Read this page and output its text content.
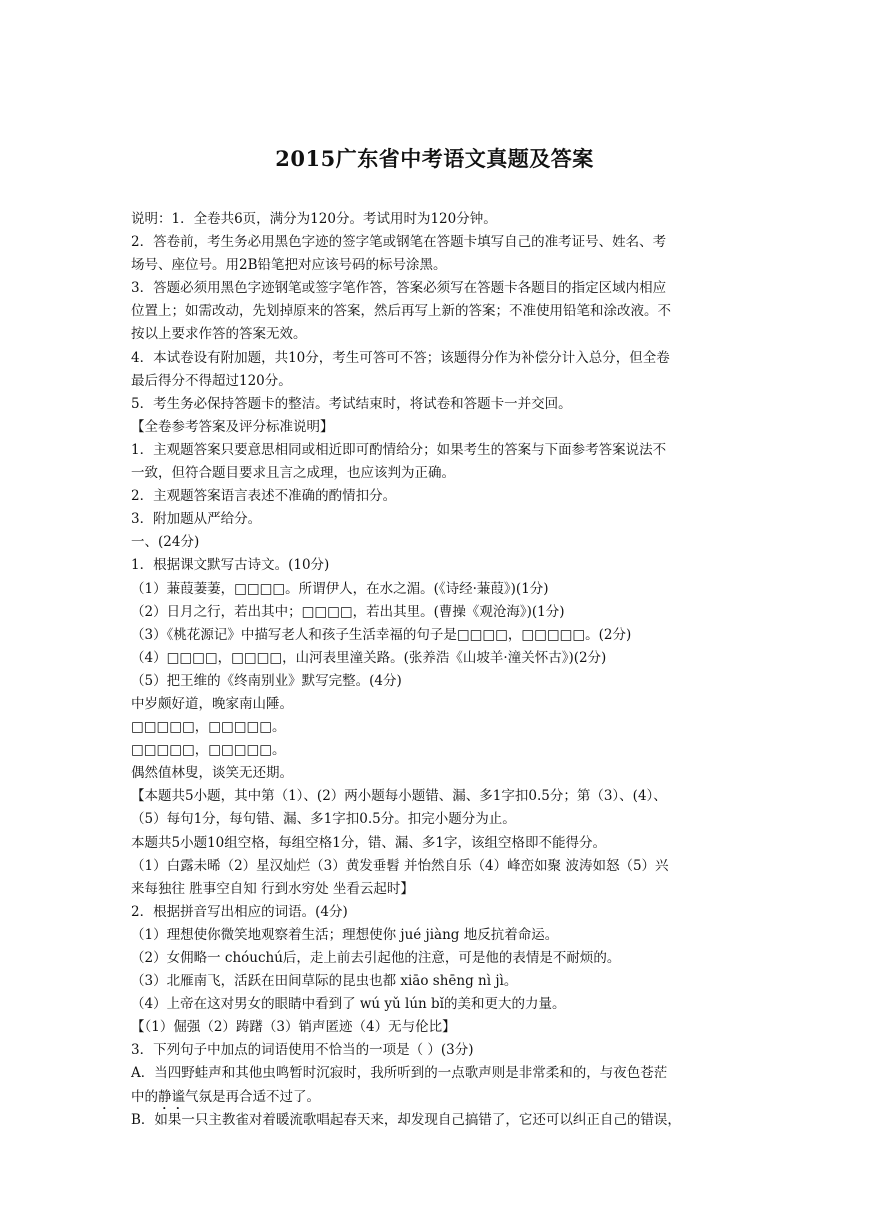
2015广东省中考语文真题及答案
说明：1．全卷共6页，满分为120分。考试用时为120分钟。
2．答卷前，考生务必用黑色字迹的签字笔或钢笔在答题卡填写自己的准考证号、姓名、考
场号、座位号。用2B铅笔把对应该号码的标号涂黑。
3．答题必须用黑色字迹钢笔或签字笔作答，答案必须写在答题卡各题目的指定区域内相应
位置上；如需改动，先划掉原来的答案，然后再写上新的答案；不准使用铅笔和涂改液。不
按以上要求作答的答案无效。
4．本试卷设有附加题，共10分，考生可答可不答；该题得分作为补偿分计入总分，但全卷
最后得分不得超过120分。
5．考生务必保持答题卡的整洁。考试结束时，将试卷和答题卡一并交回。
【全卷参考答案及评分标准说明】
1．主观题答案只要意思相同或相近即可酌情给分；如果考生的答案与下面参考答案说法不
一致，但符合题目要求且言之成理，也应该判为正确。
2．主观题答案语言表述不准确的酌情扣分。
3．附加题从严给分。
一、(24分)
1．根据课文默写古诗文。(10分)
（1）蒹葭萋萋，□□□□。所谓伊人，在水之湄。(《诗经·蒹葭》)(1分)
（2）日月之行，若出其中；□□□□，若出其里。(曹操《观沧海》)(1分)
（3）《桃花源记》中描写老人和孩子生活幸福的句子是□□□□，□□□□□。(2分)
（4）□□□□，□□□□，山河表里潼关路。(张养浩《山坡羊·潼关怀古》)(2分)
（5）把王维的《终南别业》默写完整。(4分)
中岁颇好道，晚家南山陲。
□□□□□，□□□□□。
□□□□□，□□□□□。
偶然值林叟，谈笑无还期。
【本题共5小题，其中第（1）、(2）两小题每小题错、漏、多1字扣0.5分；第（3）、(4）、
（5）每句1分，每句错、漏、多1字扣0.5分。扣完小题分为止。
本题共5小题10组空格，每组空格1分，错、漏、多1字，该组空格即不能得分。
（1）白露未晞（2）星汉灿烂（3）黄发垂髫 并怡然自乐（4）峰峦如聚 波涛如怒（5）兴
来每独往 胜事空自知 行到水穷处 坐看云起时】
2．根据拼音写出相应的词语。(4分)
（1）理想使你微笑地观察着生活；理想使你 jué jiàng 地反抗着命运。
（2）女佣略一 chóuchú后，走上前去引起他的注意，可是他的表情是不耐烦的。
（3）北雁南飞，活跃在田间草际的昆虫也都 xiāo shēng nì jì。
（4）上帝在这对男女的眼睛中看到了 wú yǔ lún bǐ的美和更大的力量。
【（1）倔强（2）踌躇（3）销声匿迹（4）无与伦比】
3．下列句子中加点的词语使用不恰当的一项是（ ）(3分)
A．当四野蛙声和其他虫鸣暂时沉寂时，我所听到的一点歌声则是非常柔和的，与夜色苍茫
中的静谧气氛是再合适不过了。
B．如果一只主教雀对着暖流歌唱起春天来，却发现自己搞错了，它还可以纠正自己的错误，
